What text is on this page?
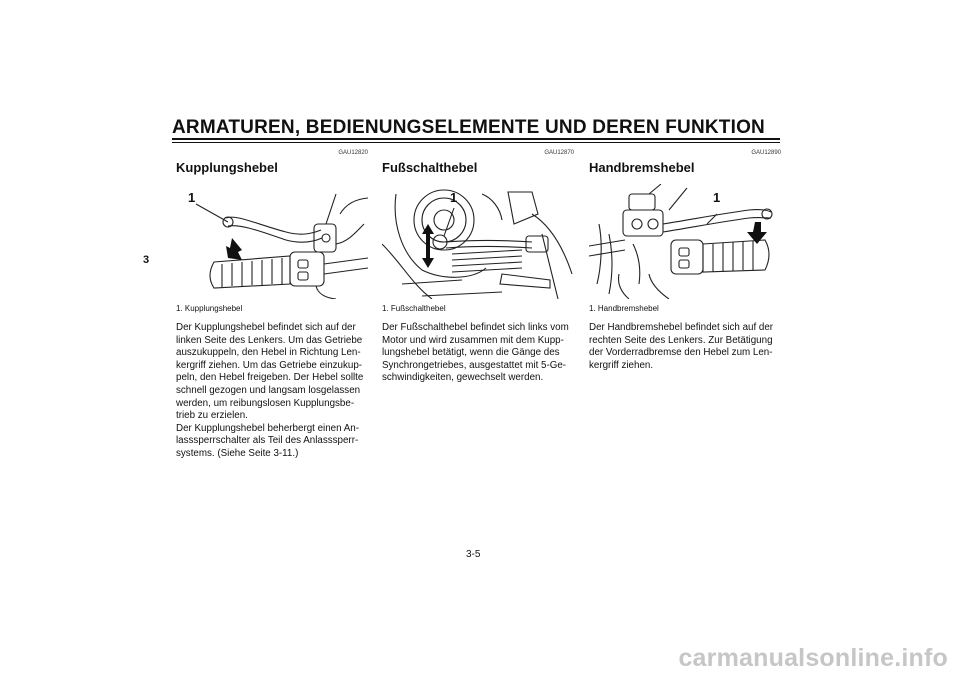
ARMATUREN, BEDIENUNGSELEMENTE UND DEREN FUNKTION
3
GAU12820
Kupplungshebel
1
1. Kupplungshebel

Der Kupplungshebel befindet sich auf der linken Seite des Lenkers. Um das Getriebe auszukuppeln, den Hebel in Richtung Len-kergriff ziehen. Um das Getriebe einzukup-peln, den Hebel freigeben. Der Hebel sollte schnell gezogen und langsam losgelassen werden, um reibungslosen Kupplungsbe-trieb zu erzielen.

Der Kupplungshebel beherbergt einen An-lasssperrschalter als Teil des Anlasssperr-systems. (Siehe Seite 3-11.)

GAU12870
Fußschalthebel
1
1. Fußschalthebel

Der Fußschalthebel befindet sich links vom Motor und wird zusammen mit dem Kupp-lungshebel betätigt, wenn die Gänge des Synchrongetriebes, ausgestattet mit 5-Ge-schwindigkeiten, gewechselt werden.

GAU12890
Handbremshebel
1
1. Handbremshebel

Der Handbremshebel befindet sich auf der rechten Seite des Lenkers. Zur Betätigung der Vorderradbremse den Hebel zum Len-kergriff ziehen.

3-5
carmanualsonline.info
